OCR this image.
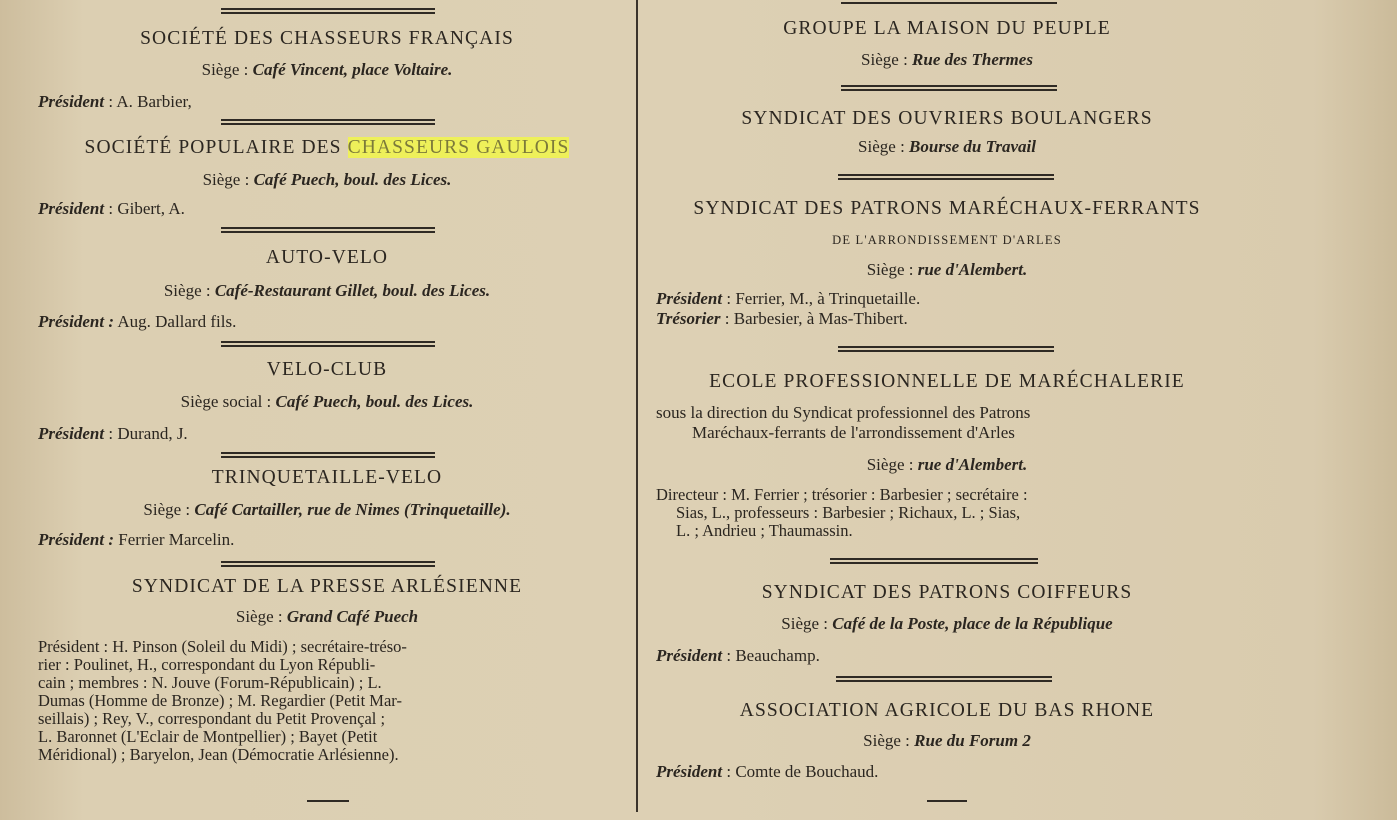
SOCIÉTÉ DES CHASSEURS FRANÇAIS
Siège : Café Vincent, place Voltaire.
Président : A. Barbier,
SOCIÉTÉ POPULAIRE DES CHASSEURS GAULOIS
Siège : Café Puech, boul. des Lices.
Président : Gibert, A.
AUTO-VELO
Siège : Café-Restaurant Gillet, boul. des Lices.
Président : Aug. Dallard fils.
VELO-CLUB
Siège social : Café Puech, boul. des Lices.
Président : Durand, J.
TRINQUETAILLE-VELO
Siège : Café Cartailler, rue de Nimes (Trinquetaille).
Président : Ferrier Marcelin.
SYNDICAT DE LA PRESSE ARLÉSIENNE
Siège : Grand Café Puech
Président : H. Pinson (Soleil du Midi) ; secrétaire-tréso-
rier : Poulinet, H., correspondant du Lyon Républi-
cain ; membres : N. Jouve (Forum-Républicain) ; L.
Dumas (Homme de Bronze) ; M. Regardier (Petit Mar-
seillais) ; Rey, V., correspondant du Petit Provençal ;
L. Baronnet (L'Eclair de Montpellier) ; Bayet (Petit
Méridional) ; Baryelon, Jean (Démocratie Arlésienne).
GROUPE LA MAISON DU PEUPLE
Siège : Rue des Thermes
SYNDICAT DES OUVRIERS BOULANGERS
Siège : Bourse du Travail
SYNDICAT DES PATRONS MARÉCHAUX-FERRANTS
DE L'ARRONDISSEMENT D'ARLES
Siège : rue d'Alembert.
Président : Ferrier, M., à Trinquetaille.
Trésorier : Barbesier, à Mas-Thibert.
ECOLE PROFESSIONNELLE DE MARÉCHALERIE
sous la direction du Syndicat professionnel des Patrons
Maréchaux-ferrants de l'arrondissement d'Arles
Siège : rue d'Alembert.
Directeur : M. Ferrier ; trésorier : Barbesier ; secrétaire :
Sias, L., professeurs : Barbesier ; Richaux, L. ; Sias,
L. ; Andrieu ; Thaumassin.
SYNDICAT DES PATRONS COIFFEURS
Siège : Café de la Poste, place de la République
Président : Beauchamp.
ASSOCIATION AGRICOLE DU BAS RHONE
Siège : Rue du Forum 2
Président : Comte de Bouchaud.
